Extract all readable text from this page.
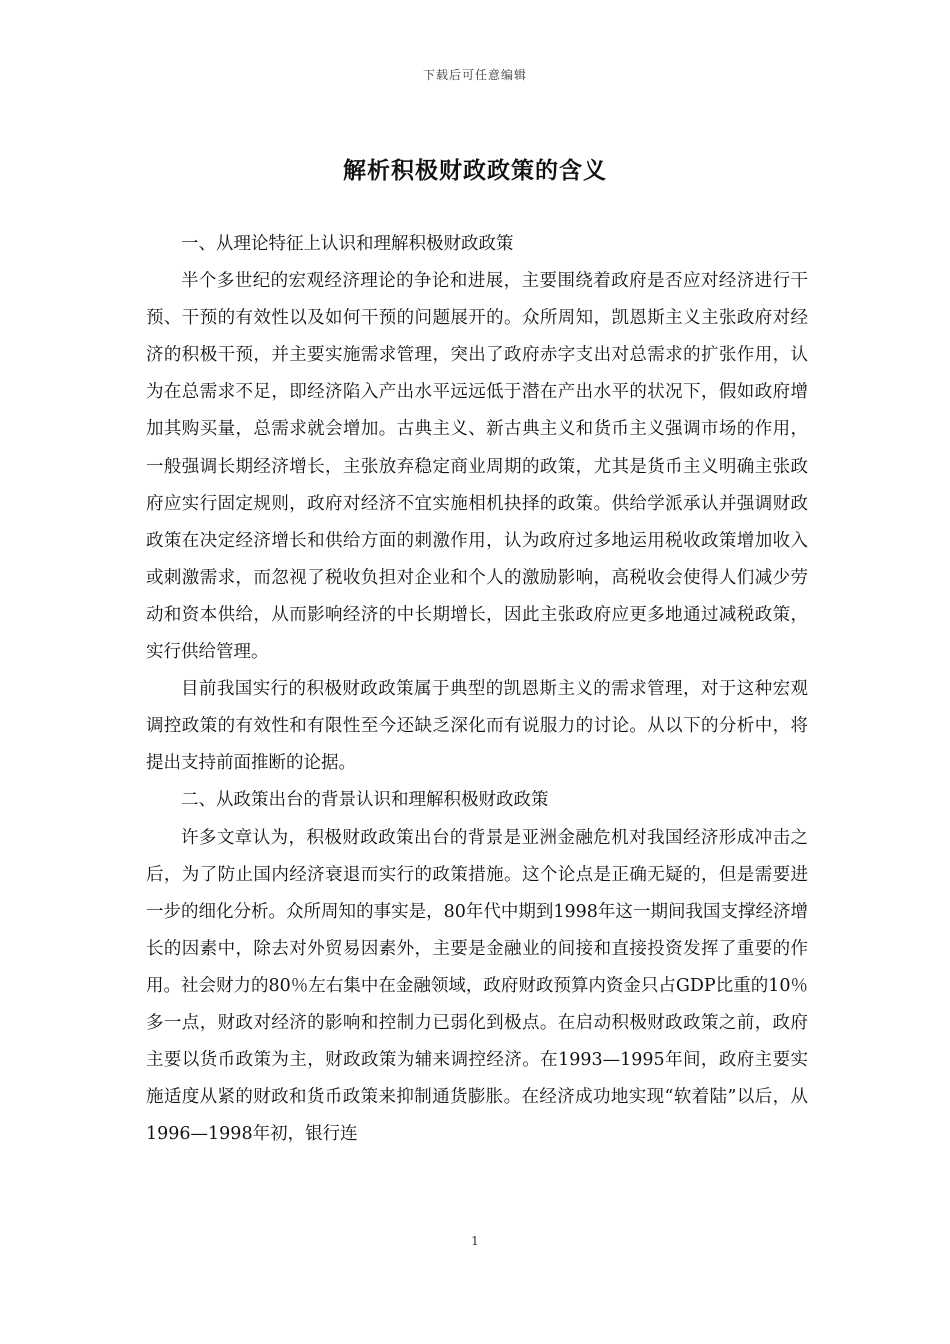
下载后可任意编辑
解析积极财政政策的含义

一、从理论特征上认识和理解积极财政政策

半个多世纪的宏观经济理论的争论和进展，主要围绕着政府是否应对经济进行干预、干预的有效性以及如何干预的问题展开的。众所周知，凯恩斯主义主张政府对经济的积极干预，并主要实施需求管理，突出了政府赤字支出对总需求的扩张作用，认为在总需求不足，即经济陷入产出水平远远低于潜在产出水平的状况下，假如政府增加其购买量，总需求就会增加。古典主义、新古典主义和货币主义强调市场的作用，一般强调长期经济增长，主张放弃稳定商业周期的政策，尤其是货币主义明确主张政府应实行固定规则，政府对经济不宜实施相机抉择的政策。供给学派承认并强调财政政策在决定经济增长和供给方面的刺激作用，认为政府过多地运用税收政策增加收入或刺激需求，而忽视了税收负担对企业和个人的激励影响，高税收会使得人们减少劳动和资本供给，从而影响经济的中长期增长，因此主张政府应更多地通过减税政策，实行供给管理。

目前我国实行的积极财政政策属于典型的凯恩斯主义的需求管理，对于这种宏观调控政策的有效性和有限性至今还缺乏深化而有说服力的讨论。从以下的分析中，将提出支持前面推断的论据。

二、从政策出台的背景认识和理解积极财政政策

许多文章认为，积极财政政策出台的背景是亚洲金融危机对我国经济形成冲击之后，为了防止国内经济衰退而实行的政策措施。这个论点是正确无疑的，但是需要进一步的细化分析。众所周知的事实是，80年代中期到1998年这一期间我国支撑经济增长的因素中，除去对外贸易因素外，主要是金融业的间接和直接投资发挥了重要的作用。社会财力的80％左右集中在金融领域，政府财政预算内资金只占GDP比重的10％多一点，财政对经济的影响和控制力已弱化到极点。在启动积极财政政策之前，政府主要以货币政策为主，财政政策为辅来调控经济。在1993—1995年间，政府主要实施适度从紧的财政和货币政策来抑制通货膨胀。在经济成功地实现“软着陆”以后，从1996—1998年初，银行连

1
